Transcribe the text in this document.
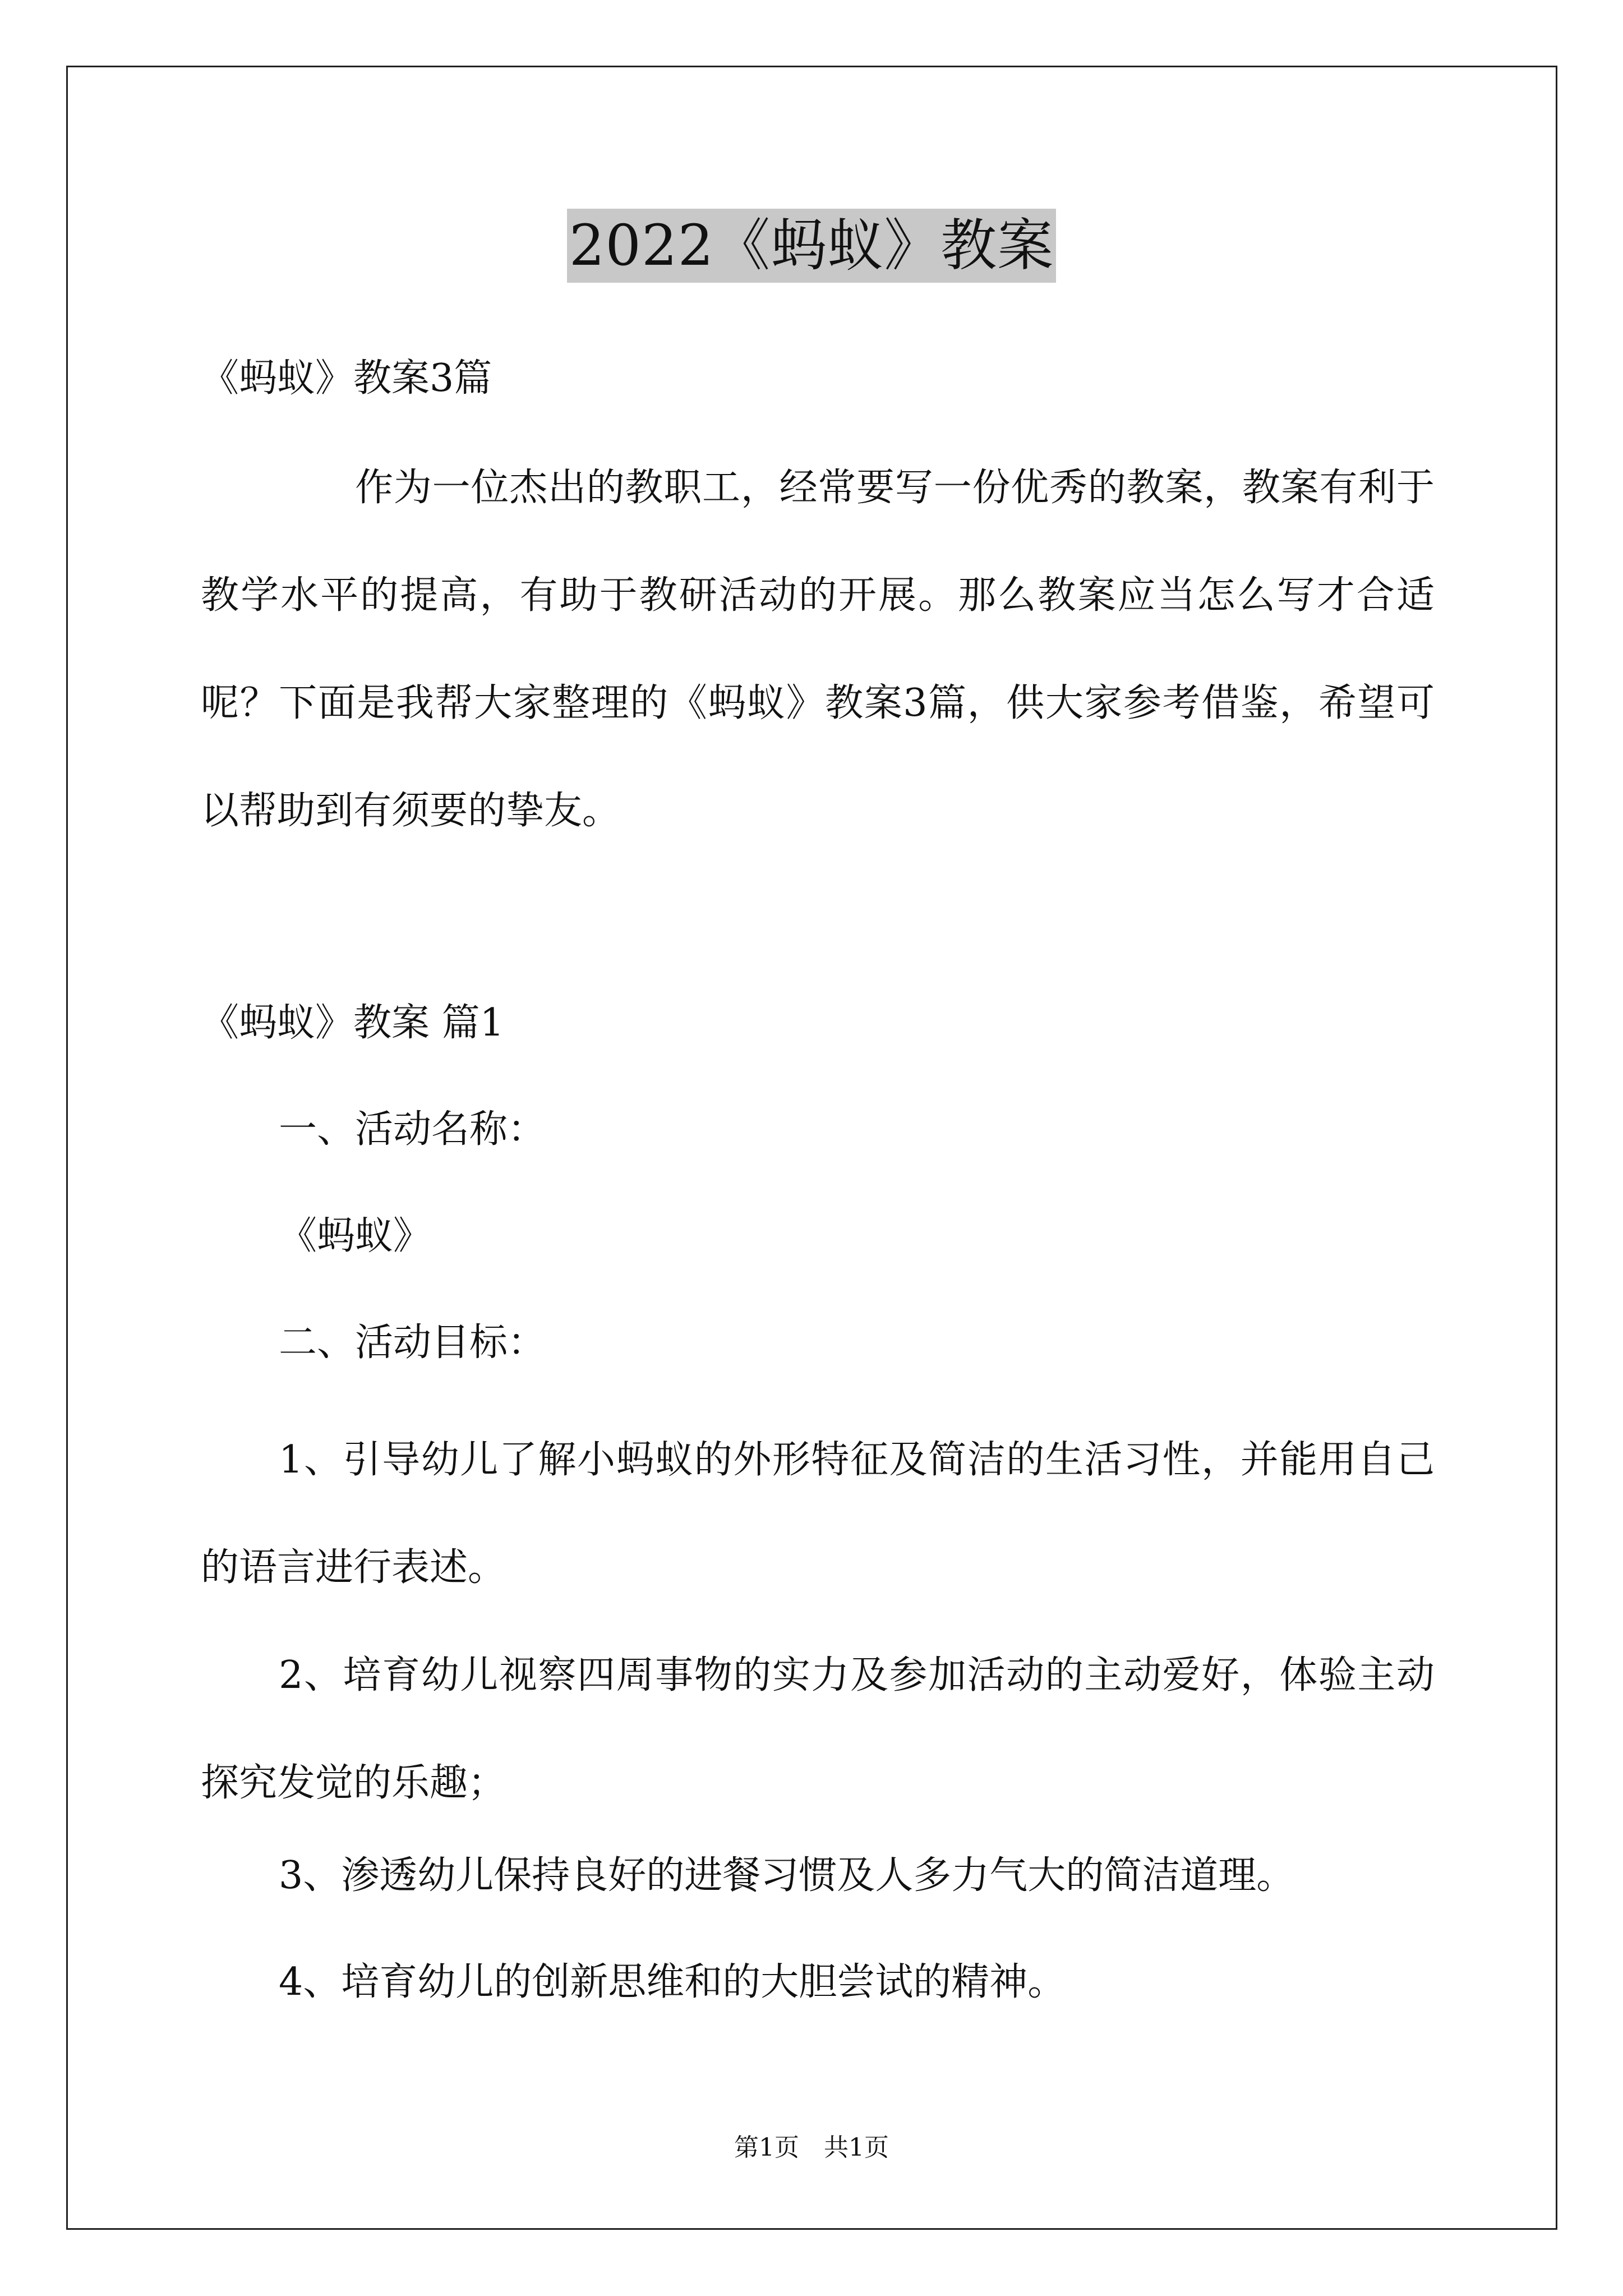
2022《蚂蚁》教案
《蚂蚁》教案3篇
　　　　作为一位杰出的教职工，经常要写一份优秀的教案，教案有利于教学水平的提高，有助于教研活动的开展。那么教案应当怎么写才合适呢？下面是我帮大家整理的《蚂蚁》教案3篇，供大家参考借鉴，希望可以帮助到有须要的挚友。
《蚂蚁》教案 篇1
一、活动名称：
《蚂蚁》
二、活动目标：
　　1、引导幼儿了解小蚂蚁的外形特征及简洁的生活习性，并能用自己的语言进行表述。
　　2、培育幼儿视察四周事物的实力及参加活动的主动爱好，体验主动探究发觉的乐趣；
3、渗透幼儿保持良好的进餐习惯及人多力气大的简洁道理。
4、培育幼儿的创新思维和的大胆尝试的精神。
第1页　共1页
